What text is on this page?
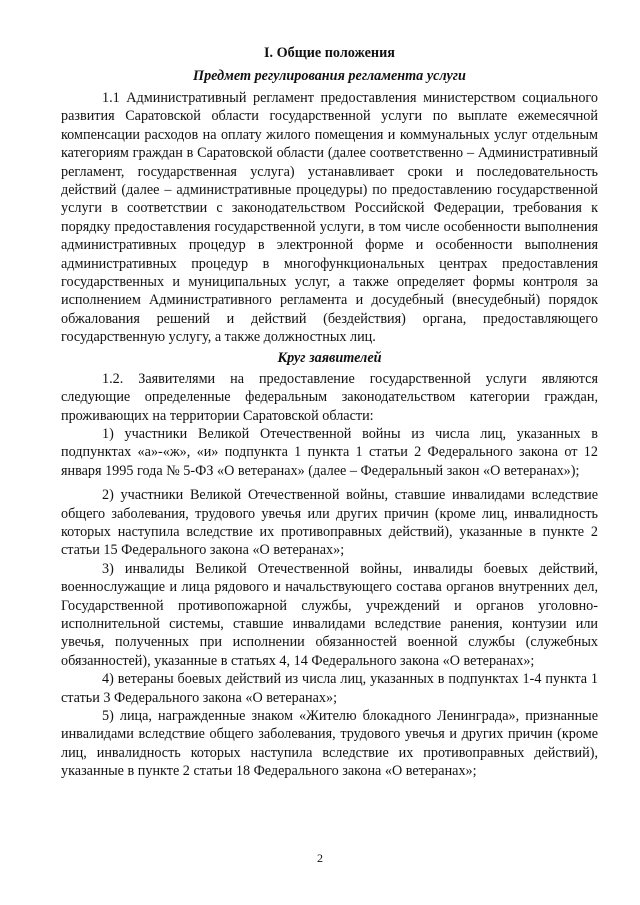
I. Общие положения
Предмет регулирования регламента услуги

1.1 Административный регламент предоставления министерством социального развития Саратовской области государственной услуги по выплате ежемесячной компенсации расходов на оплату жилого помещения и коммунальных услуг отдельным категориям граждан в Саратовской области (далее соответственно – Административный регламент, государственная услуга) устанавливает сроки и последовательность действий (далее – административные процедуры) по предоставлению государственной услуги в соответствии с законодательством Российской Федерации, требования к порядку предоставления государственной услуги, в том числе особенности выполнения административных процедур в электронной форме и особенности выполнения административных процедур в многофункциональных центрах предоставления государственных и муниципальных услуг, а также определяет формы контроля за исполнением Административного регламента и досудебный (внесудебный) порядок обжалования решений и действий (бездействия) органа, предоставляющего государственную услугу, а также должностных лиц.

Круг заявителей

1.2. Заявителями на предоставление государственной услуги являются следующие определенные федеральным законодательством категории граждан, проживающих на территории Саратовской области:

1) участники Великой Отечественной войны из числа лиц, указанных в подпунктах «а»-«ж», «и» подпункта 1 пункта 1 статьи 2 Федерального закона от 12 января 1995 года № 5-ФЗ «О ветеранах» (далее – Федеральный закон «О ветеранах»);

2) участники Великой Отечественной войны, ставшие инвалидами вследствие общего заболевания, трудового увечья или других причин (кроме лиц, инвалидность которых наступила вследствие их противоправных действий), указанные в пункте 2 статьи 15 Федерального закона «О ветеранах»;

3) инвалиды Великой Отечественной войны, инвалиды боевых действий, военнослужащие и лица рядового и начальствующего состава органов внутренних дел, Государственной противопожарной службы, учреждений и органов уголовно-исполнительной системы, ставшие инвалидами вследствие ранения, контузии или увечья, полученных при исполнении обязанностей военной службы (служебных обязанностей), указанные в статьях 4, 14 Федерального закона «О ветеранах»;

4) ветераны боевых действий из числа лиц, указанных в подпунктах 1-4 пункта 1 статьи 3 Федерального закона «О ветеранах»;

5) лица, награжденные знаком «Жителю блокадного Ленинграда», признанные инвалидами вследствие общего заболевания, трудового увечья и других причин (кроме лиц, инвалидность которых наступила вследствие их противоправных действий), указанные в пункте 2 статьи 18 Федерального закона «О ветеранах»;

2
